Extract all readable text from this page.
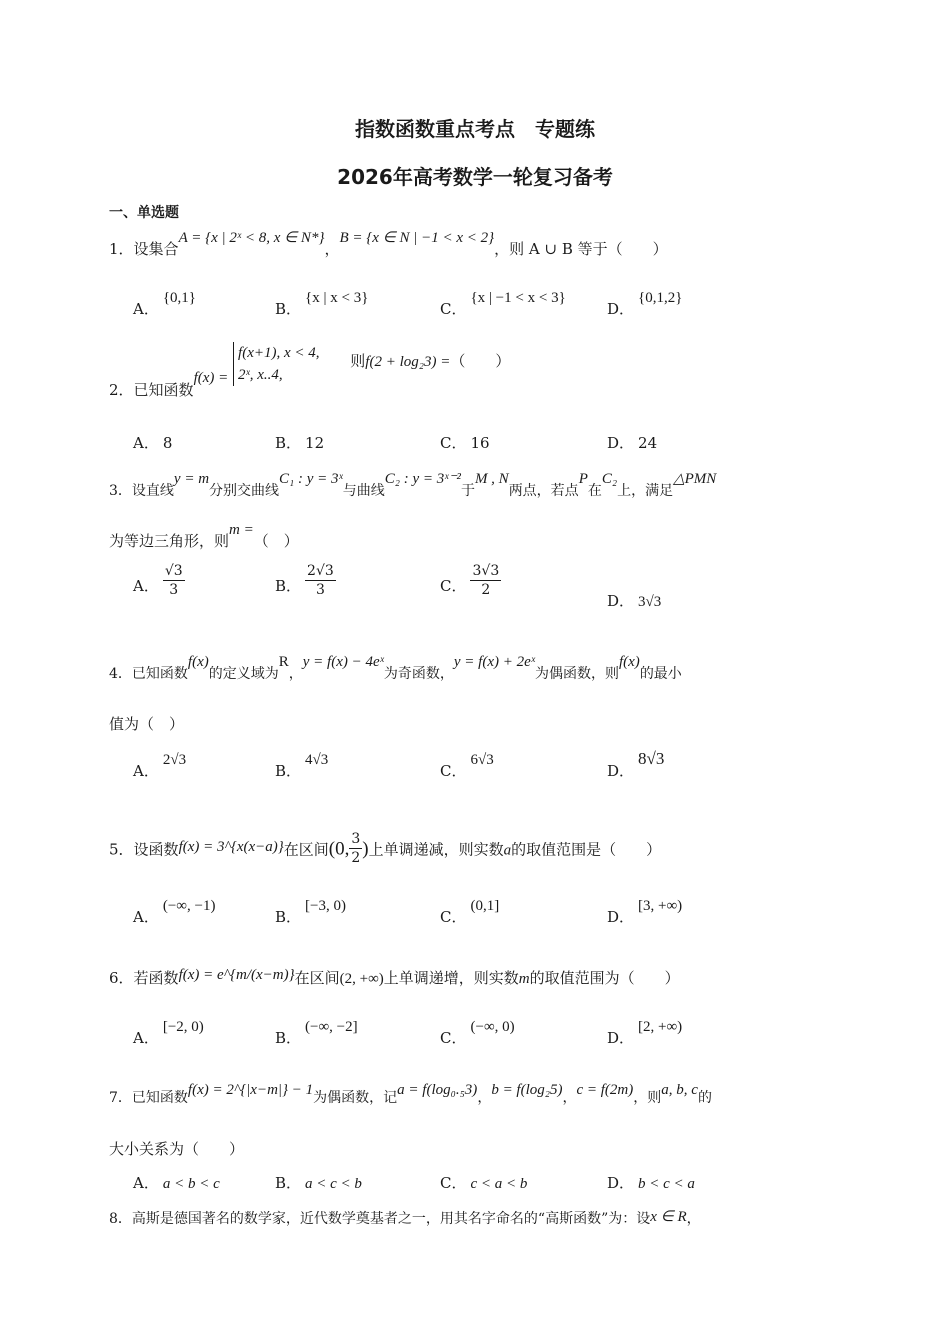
指数函数重点考点　专题练
2026年高考数学一轮复习备考
一、单选题
1．设集合A = {x | 2ˣ < 8, x ∈ N*}，B = {x ∈ N | −1 < x < 2}，则 A ∪ B 等于（　　）
A．{0,1}
B．{x | x < 3}
C．{x | −1 < x < 3}
D．{0,1,2}
2．已知函数f(x) =
f(x+1), x < 4,
2ˣ, x..4,
则f(2 + log₂3) =（　　）
A． 8	B． 12	C． 16	D． 24
3．设直线y = m分别交曲线C₁ : y = 3ˣ与曲线C₂ : y = 3ˣ⁻²于M , N两点，若点P在C₂上，满足△PMN
为等边三角形，则m =（　）
A． $\frac{√3}{3}$	B． $\frac{2√3}{3}$	C． $\frac{3√3}{2}$
D． 3√3
4．已知函数f(x)的定义域为R，y = f(x) − 4eˣ为奇函数，y = f(x) + 2eˣ为偶函数，则f(x)的最小
值为（　）
A．2√3
B．4√3
C．6√3
D．8√3
5．设函数f(x) = 3^{x(x−a)}在区间(0, $\frac{3}{2}$ )上单调递减，则实数a的取值范围是（　　）
A．(−∞, −1)
B．[−3, 0)
C．(0,1]
D．[3, +∞)
6．若函数f(x) = e^{m/(x−m)}在区间(2, +∞)上单调递增，则实数m的取值范围为（　　）
A．[−2, 0)
B．(−∞, −2]
C．(−∞, 0)
D．[2, +∞)
7．已知函数f(x) = 2^{|x−m|} − 1为偶函数，记a = f(log₀.₅3)，b = f(log₂5)，c = f(2m)，则a, b, c的
大小关系为（　　）
A． a < b < c	B． a < c < b	C． c < a < b	D． b < c < a
8．高斯是德国著名的数学家，近代数学奠基者之一，用其名字命名的“高斯函数”为：设x ∈ R，
